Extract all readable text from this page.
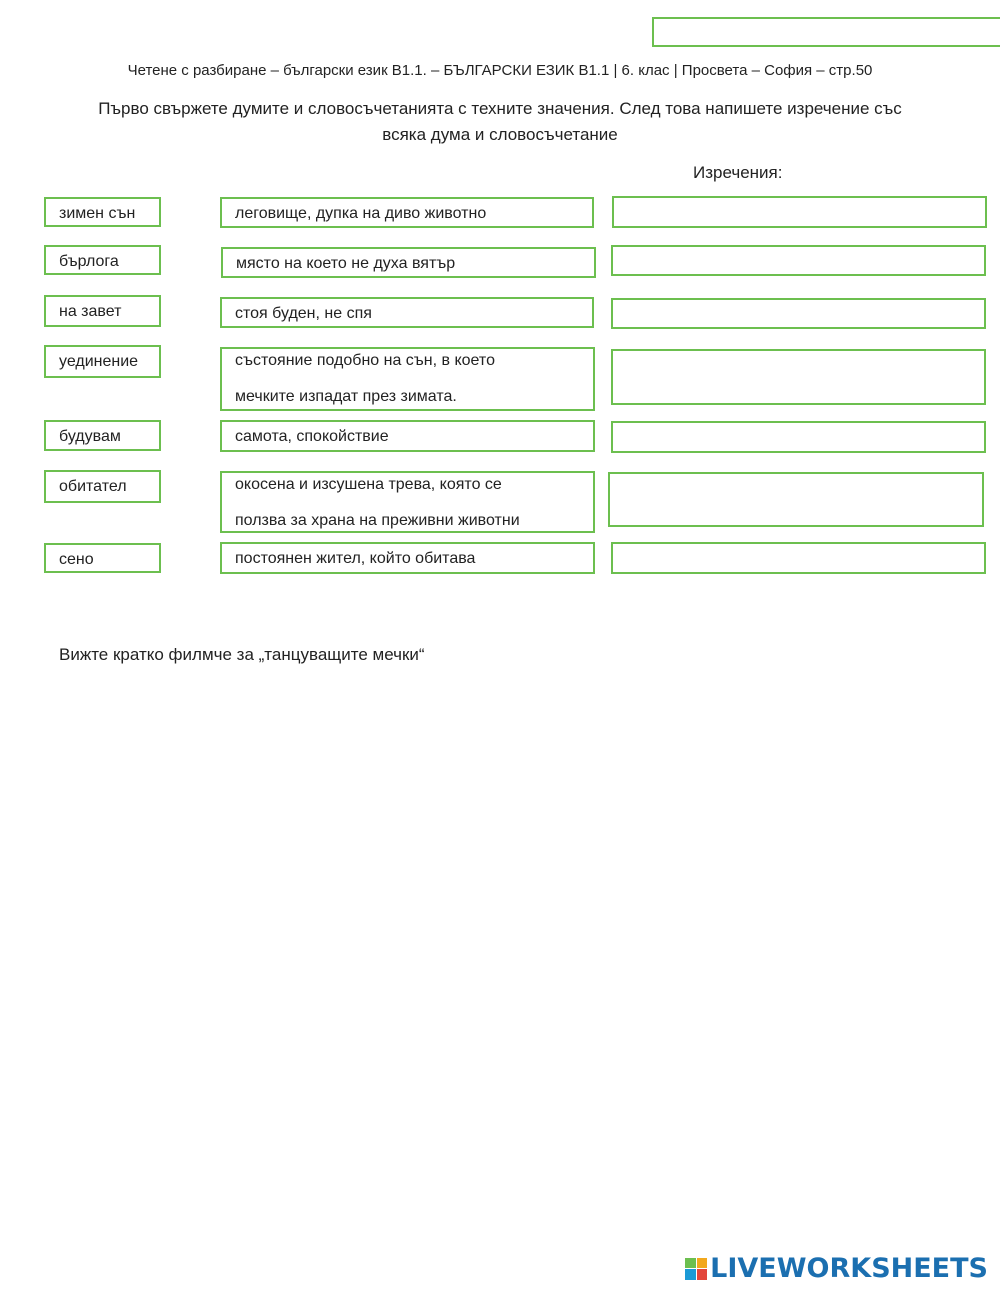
Четене с разбиране – български език В1.1. – БЪЛГАРСКИ ЕЗИК В1.1 | 6. клас | Просвета – София – стр.50
Първо свържете думите и словосъчетанията с техните значения. След това напишете изречение със
всяка дума и словосъчетание
Изречения:
зимен сън
бърлога
на завет
уединение
будувам
обитател
сено
леговище, дупка на диво животно
място на което не духа вятър
стоя буден, не спя
състояние подобно на сън, в което
мечките изпадат през зимата.
самота, спокойствие
окосена и изсушена трева, която се
ползва за храна на преживни животни
постоянен жител, който обитава
Вижте кратко филмче за „танцуващите мечки“
LIVEWORKSHEETS
